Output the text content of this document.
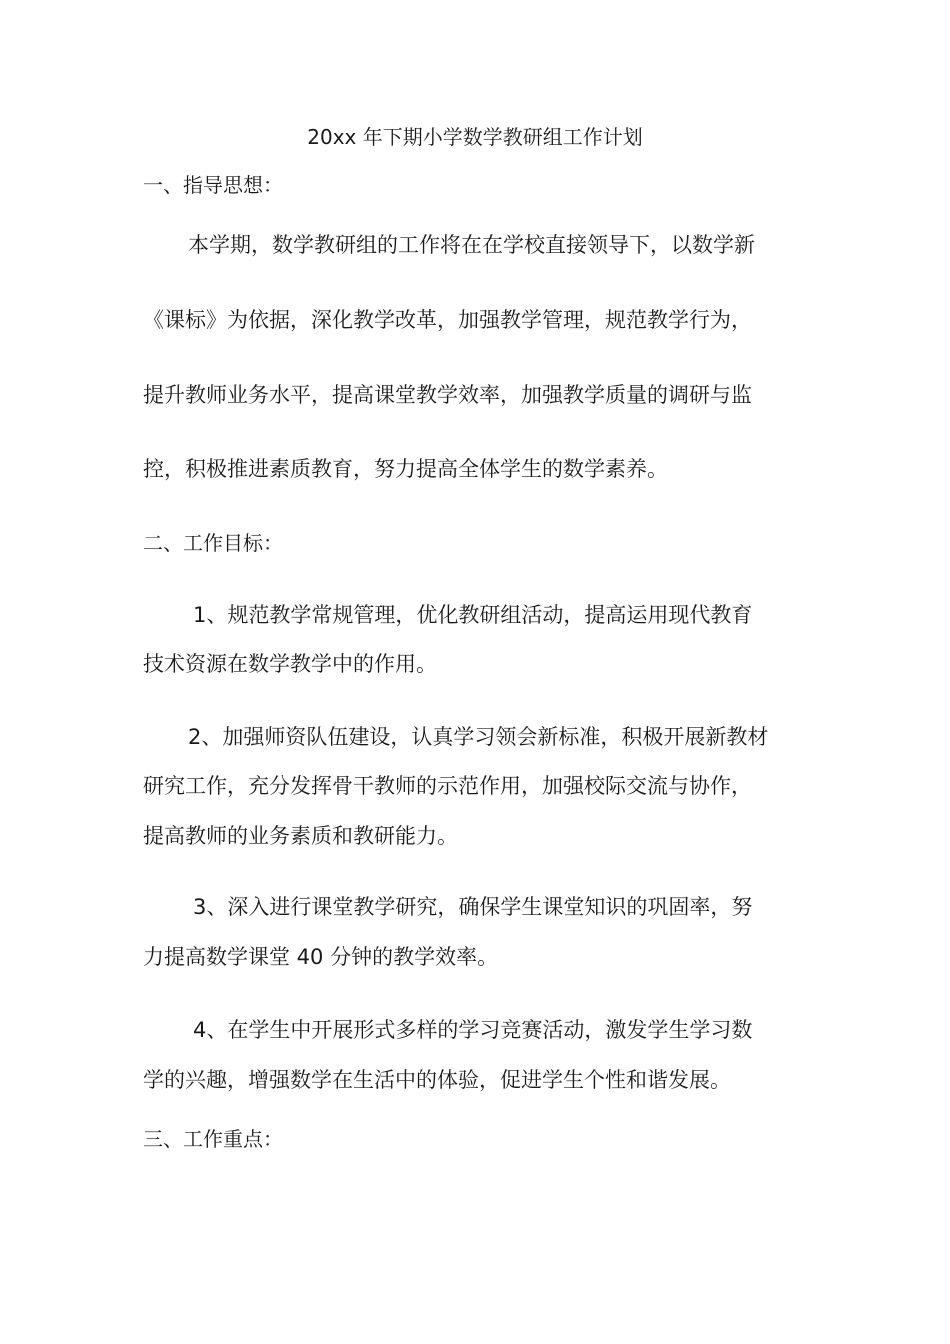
20xx 年下期小学数学教研组工作计划
一、指导思想：
本学期，数学教研组的工作将在在学校直接领导下，以数学新
《课标》为依据，深化教学改革，加强教学管理，规范教学行为，
提升教师业务水平，提高课堂教学效率，加强教学质量的调研与监
控，积极推进素质教育，努力提高全体学生的数学素养。
二、工作目标：
1、规范教学常规管理，优化教研组活动，提高运用现代教育
技术资源在数学教学中的作用。
2、加强师资队伍建设，认真学习领会新标准，积极开展新教材
研究工作，充分发挥骨干教师的示范作用，加强校际交流与协作，
提高教师的业务素质和教研能力。
3、深入进行课堂教学研究，确保学生课堂知识的巩固率，努
力提高数学课堂 40 分钟的教学效率。
4、在学生中开展形式多样的学习竞赛活动，激发学生学习数
学的兴趣，增强数学在生活中的体验，促进学生个性和谐发展。
三、工作重点：
